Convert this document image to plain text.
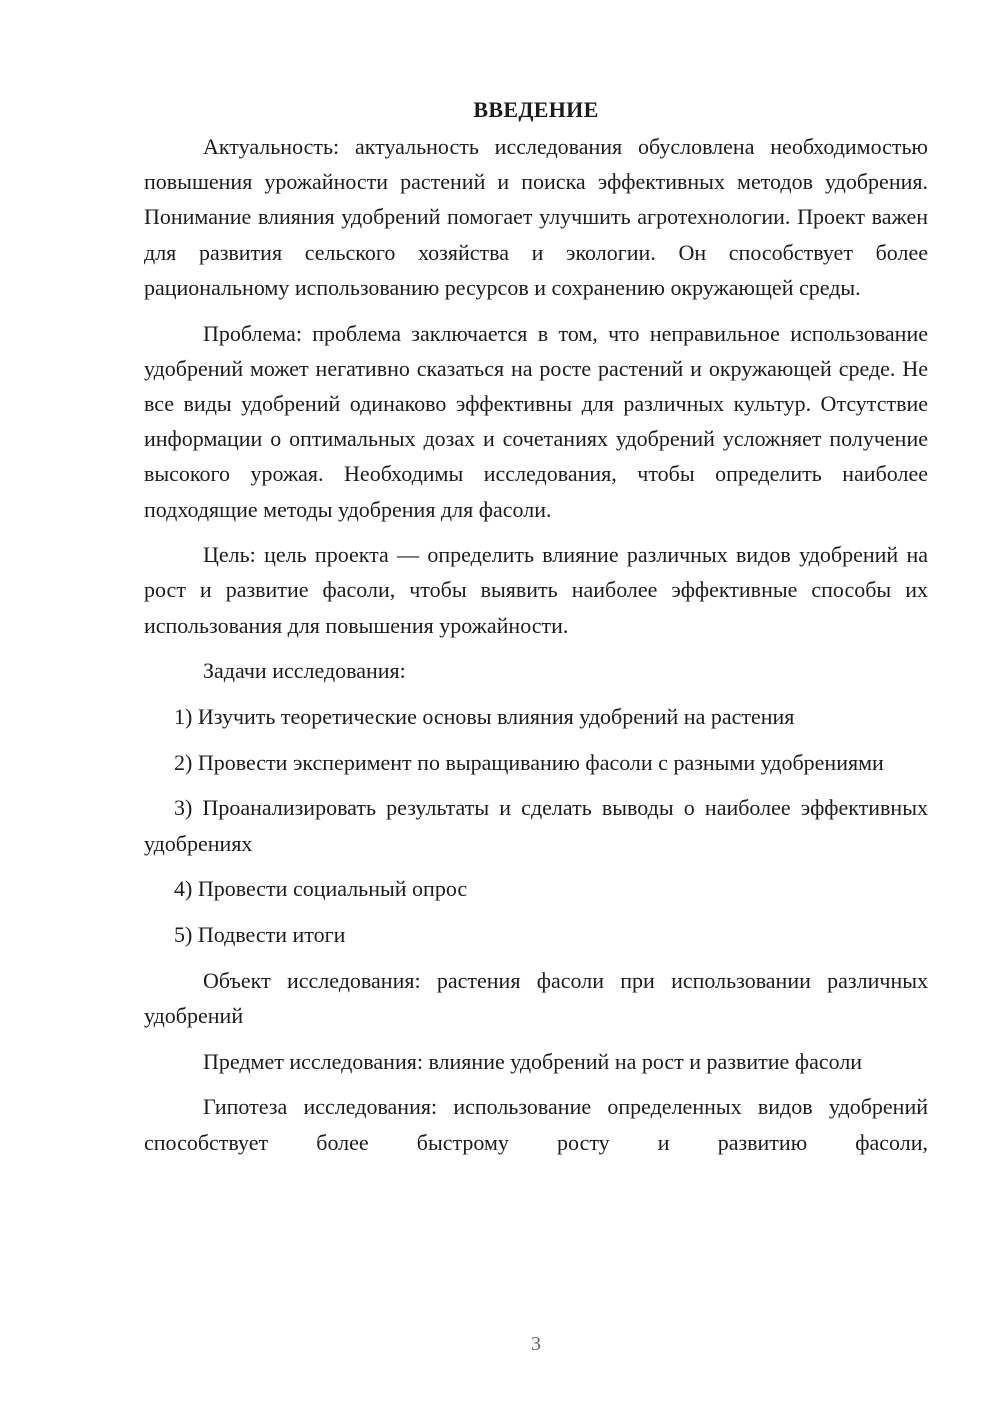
ВВЕДЕНИЕ

Актуальность: актуальность исследования обусловлена необходимостью повышения урожайности растений и поиска эффективных методов удобрения. Понимание влияния удобрений помогает улучшить агротехнологии. Проект важен для развития сельского хозяйства и экологии. Он способствует более рациональному использованию ресурсов и сохранению окружающей среды.

Проблема: проблема заключается в том, что неправильное использование удобрений может негативно сказаться на росте растений и окружающей среде. Не все виды удобрений одинаково эффективны для различных культур. Отсутствие информации о оптимальных дозах и сочетаниях удобрений усложняет получение высокого урожая. Необходимы исследования, чтобы определить наиболее подходящие методы удобрения для фасоли.

Цель: цель проекта — определить влияние различных видов удобрений на рост и развитие фасоли, чтобы выявить наиболее эффективные способы их использования для повышения урожайности.

Задачи исследования:

1) Изучить теоретические основы влияния удобрений на растения

2) Провести эксперимент по выращиванию фасоли с разными удобрениями

3) Проанализировать результаты и сделать выводы о наиболее эффективных удобрениях

4) Провести социальный опрос

5) Подвести итоги

Объект исследования: растения фасоли при использовании различных удобрений

Предмет исследования: влияние удобрений на рост и развитие фасоли

Гипотеза исследования: использование определенных видов удобрений способствует более быстрому росту и развитию фасоли,

3
